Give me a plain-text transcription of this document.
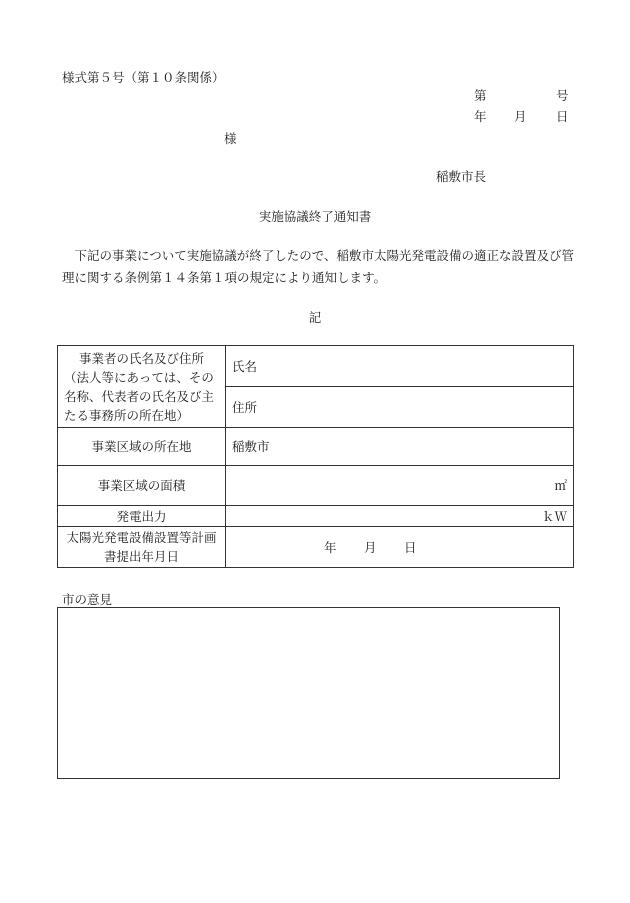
様式第５号（第１０条関係）
第	号
年 月 日
様
稲敷市長
実施協議終了通知書
下記の事業について実施協議が終了したので、稲敷市太陽光発電設備の適正な設置及び管理に関する条例第１４条第１項の規定により通知します。
記
事業者の氏名及び住所
（法人等にあっては、その名称、代表者の氏名及び主たる事務所の所在地）	氏名
	住所
事業区域の所在地	稲敷市
事業区域の面積	㎡
発電出力	ｋＷ
太陽光発電設備設置等計画書提出年月日	年 月 日
市の意見
